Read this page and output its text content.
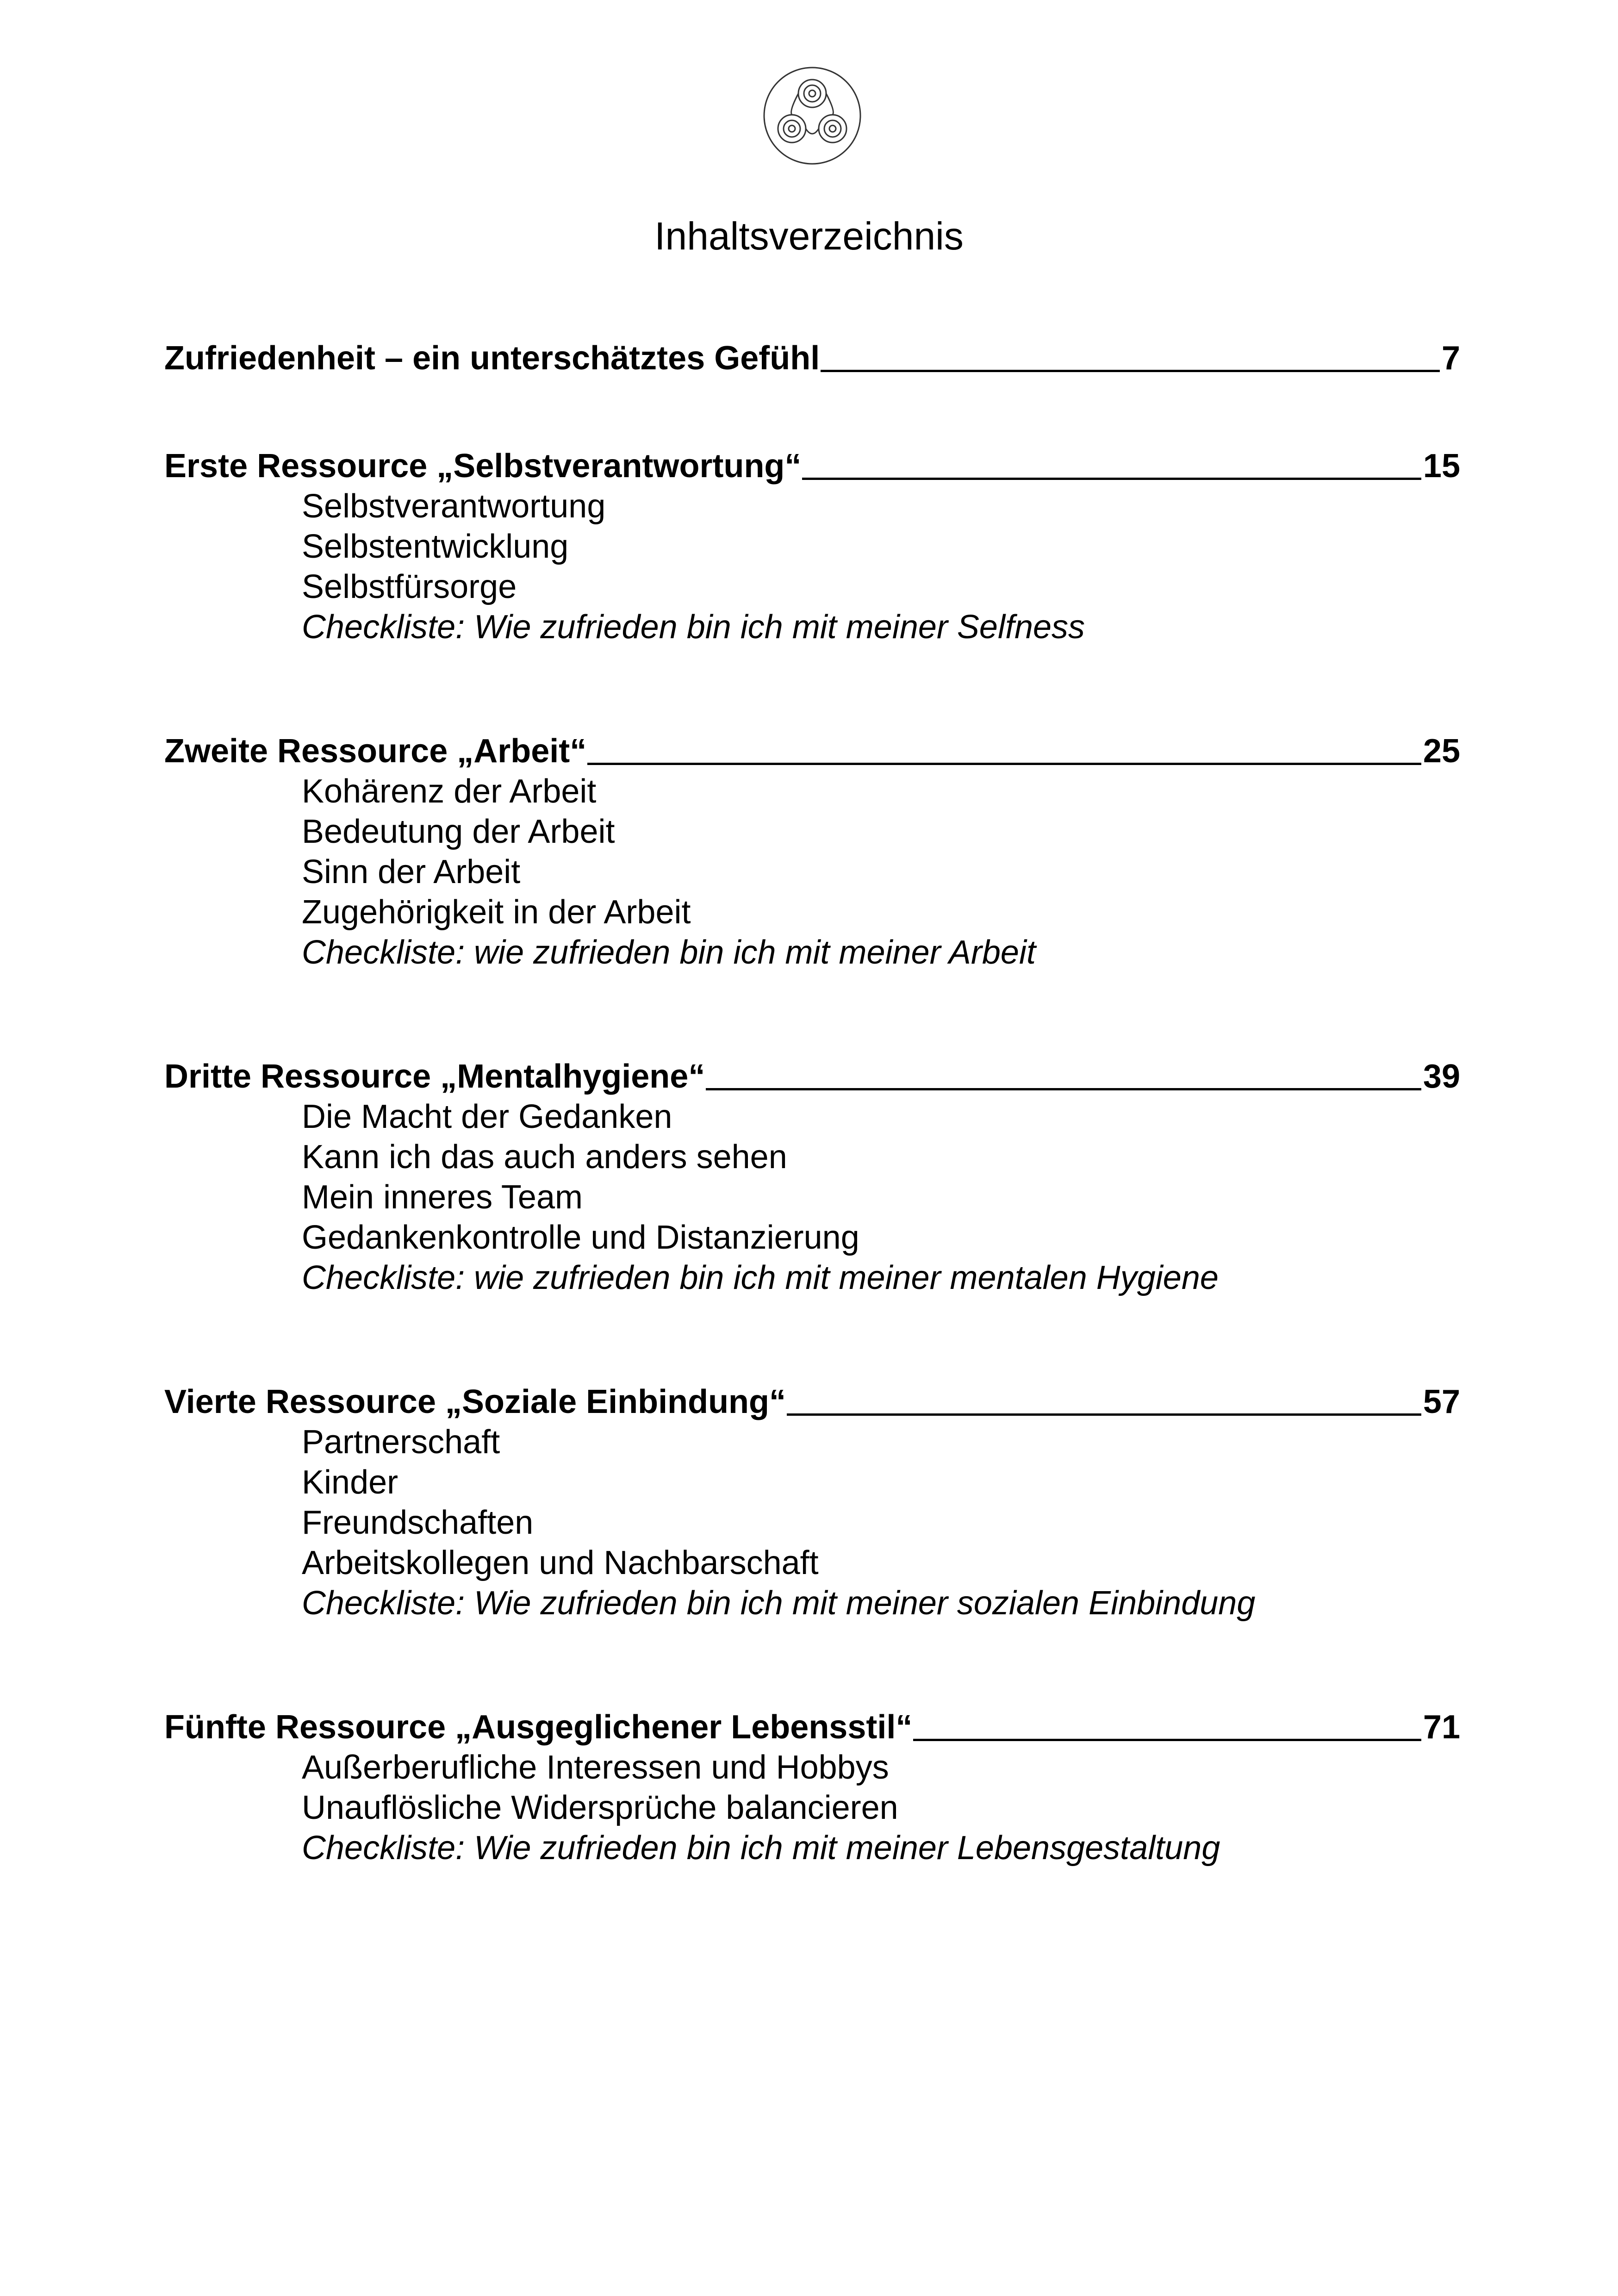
Inhaltsverzeichnis
Zufriedenheit – ein unterschätztes Gefühl	7
Erste Ressource „Selbstverantwortung“	15
Selbstverantwortung
Selbstentwicklung
Selbstfürsorge
Checkliste: Wie zufrieden bin ich mit meiner Selfness
Zweite Ressource „Arbeit“	25
Kohärenz der Arbeit
Bedeutung der Arbeit
Sinn der Arbeit
Zugehörigkeit in der Arbeit
Checkliste: wie zufrieden bin ich mit meiner Arbeit
Dritte Ressource „Mentalhygiene“	39
Die Macht der Gedanken
Kann ich das auch anders sehen
Mein inneres Team
Gedankenkontrolle und Distanzierung
Checkliste: wie zufrieden bin ich mit meiner mentalen Hygiene
Vierte Ressource „Soziale Einbindung“	57
Partnerschaft
Kinder
Freundschaften
Arbeitskollegen und Nachbarschaft
Checkliste: Wie zufrieden bin ich mit meiner sozialen Einbindung
Fünfte Ressource „Ausgeglichener Lebensstil“	71
Außerberufliche Interessen und Hobbys
Unauflösliche Widersprüche balancieren
Checkliste: Wie zufrieden bin ich mit meiner Lebensgestaltung
